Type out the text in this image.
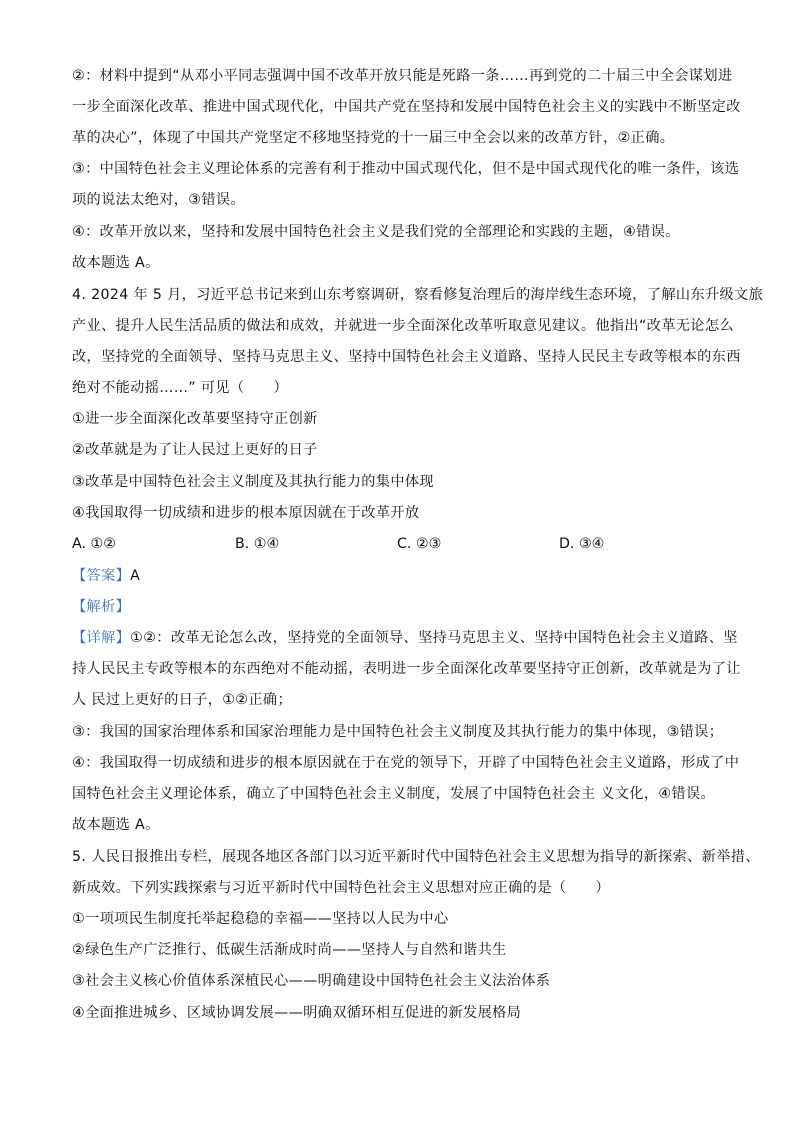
②：材料中提到“从邓小平同志强调中国不改革开放只能是死路一条……再到党的二十届三中全会谋划进
一步全面深化改革、推进中国式现代化，中国共产党在坚持和发展中国特色社会主义的实践中不断坚定改
革的决心”，体现了中国共产党坚定不移地坚持党的十一届三中全会以来的改革方针，②正确。
③：中国特色社会主义理论体系的完善有利于推动中国式现代化，但不是中国式现代化的唯一条件，该选
项的说法太绝对，③错误。
④：改革开放以来，坚持和发展中国特色社会主义是我们党的全部理论和实践的主题，④错误。
故本题选 A。
4. 2024 年 5 月，习近平总书记来到山东考察调研，察看修复治理后的海岸线生态环境，了解山东升级文旅
产业、提升人民生活品质的做法和成效，并就进一步全面深化改革听取意见建议。他指出“改革无论怎么
改，坚持党的全面领导、坚持马克思主义、坚持中国特色社会主义道路、坚持人民民主专政等根本的东西
绝对不能动摇……” 可见（　　）
①进一步全面深化改革要坚持守正创新
②改革就是为了让人民过上更好的日子
③改革是中国特色社会主义制度及其执行能力的集中体现
④我国取得一切成绩和进步的根本原因就在于改革开放
A. ①②	B. ①④	C. ②③	D. ③④
【答案】A
【解析】
【详解】①②：改革无论怎么改，坚持党的全面领导、坚持马克思主义、坚持中国特色社会主义道路、坚
持人民民主专政等根本的东西绝对不能动摇，表明进一步全面深化改革要坚持守正创新，改革就是为了让
人 民过上更好的日子，①②正确；
③：我国的国家治理体系和国家治理能力是中国特色社会主义制度及其执行能力的集中体现，③错误；
④：我国取得一切成绩和进步的根本原因就在于在党的领导下，开辟了中国特色社会主义道路，形成了中
国特色社会主义理论体系，确立了中国特色社会主义制度，发展了中国特色社会主 义文化，④错误。
故本题选 A。
5. 人民日报推出专栏，展现各地区各部门以习近平新时代中国特色社会主义思想为指导的新探索、新举措、
新成效。下列实践探索与习近平新时代中国特色社会主义思想对应正确的是（　　）
①一项项民生制度托举起稳稳的幸福——坚持以人民为中心
②绿色生产广泛推行、低碳生活渐成时尚——坚持人与自然和谐共生
③社会主义核心价值体系深植民心——明确建设中国特色社会主义法治体系
④全面推进城乡、区域协调发展——明确双循环相互促进的新发展格局
